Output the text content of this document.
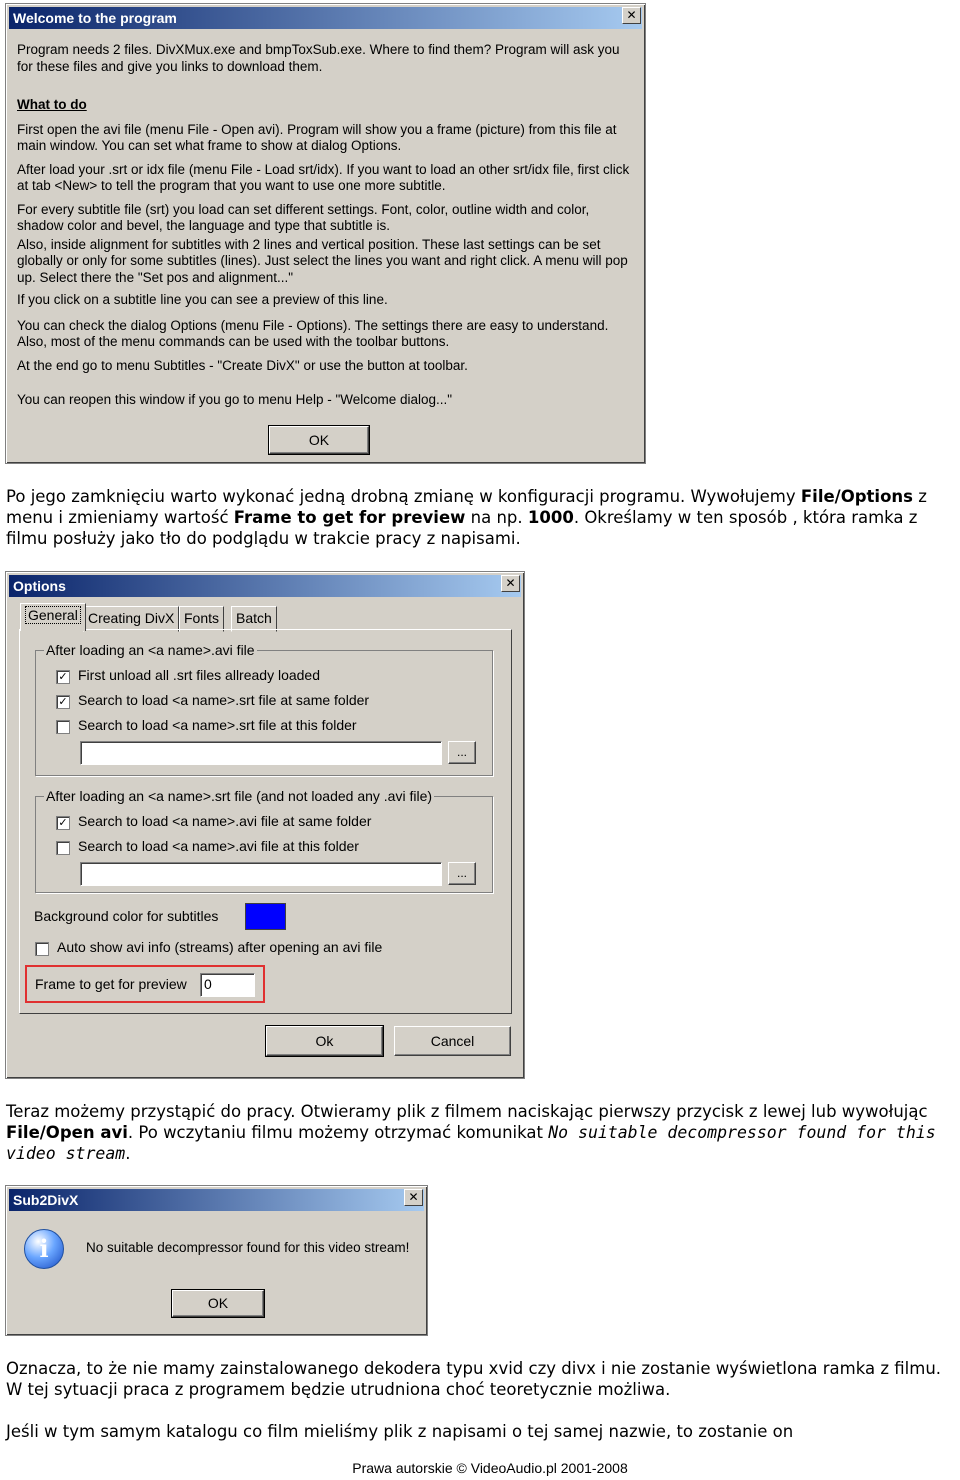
Welcome to the program	✕
Program needs 2 files. DivXMux.exe and bmpToxSub.exe. Where to find them? Program will ask you for these files and give you links to download them.
What to do
First open the avi file (menu File - Open avi). Program will show you a frame (picture) from this file at main window. You can set what frame to show at dialog Options.
After load your .srt or idx file (menu File - Load srt/idx). If you want to load an other srt/idx file, first click at tab <New> to tell the program that you want to use one more subtitle.
For every subtitle file (srt) you load can set different settings. Font, color, outline width and color, shadow color and bevel, the language and type that subtitle is.
Also, inside alignment for subtitles with 2 lines and vertical position. These last settings can be set globally or only for some subtitles (lines). Just select the lines you want and right click. A menu will pop up. Select there the "Set pos and alignment..."
If you click on a subtitle line you can see a preview of this line.
You can check the dialog Options (menu File - Options). The settings there are easy to understand. Also, most of the menu commands can be used with the toolbar buttons.
At the end go to menu Subtitles - "Create DivX" or use the button at toolbar.
You can reopen this window if you go to menu Help - "Welcome dialog..."
OK
Po jego zamknięciu warto wykonać jedną drobną zmianę w konfiguracji programu. Wywołujemy File/Options z menu i zmieniamy wartość Frame to get for preview na np. 1000. Określamy w ten sposób , która ramka z filmu posłuży jako tło do podglądu w trakcie pracy z napisami.
Options	✕
General Creating DivX Fonts	Batch
After loading an <a name>.avi file
✓ First unload all .srt files allready loaded
✓ Search to load <a name>.srt file at same folder
Search to load <a name>.srt file at this folder
...
After loading an <a name>.srt file (and not loaded any .avi file)
✓ Search to load <a name>.avi file at same folder
Search to load <a name>.avi file at this folder
...
Background color for subtitles
Auto show avi info (streams) after opening an avi file
Frame to get for preview 0
Ok	Cancel
Teraz możemy przystąpić do pracy. Otwieramy plik z filmem naciskając pierwszy przycisk z lewej lub wywołując File/Open avi. Po wczytaniu filmu możemy otrzymać komunikat No suitable decompressor found for this video stream.
Sub2DivX	✕
i	No suitable decompressor found for this video stream!
OK
Oznacza, to że nie mamy zainstalowanego dekodera typu xvid czy divx i nie zostanie wyświetlona ramka z filmu. W tej sytuacji praca z programem będzie utrudniona choć teoretycznie możliwa.
Jeśli w tym samym katalogu co film mieliśmy plik z napisami o tej samej nazwie, to zostanie on
Prawa autorskie © VideoAudio.pl 2001-2008
